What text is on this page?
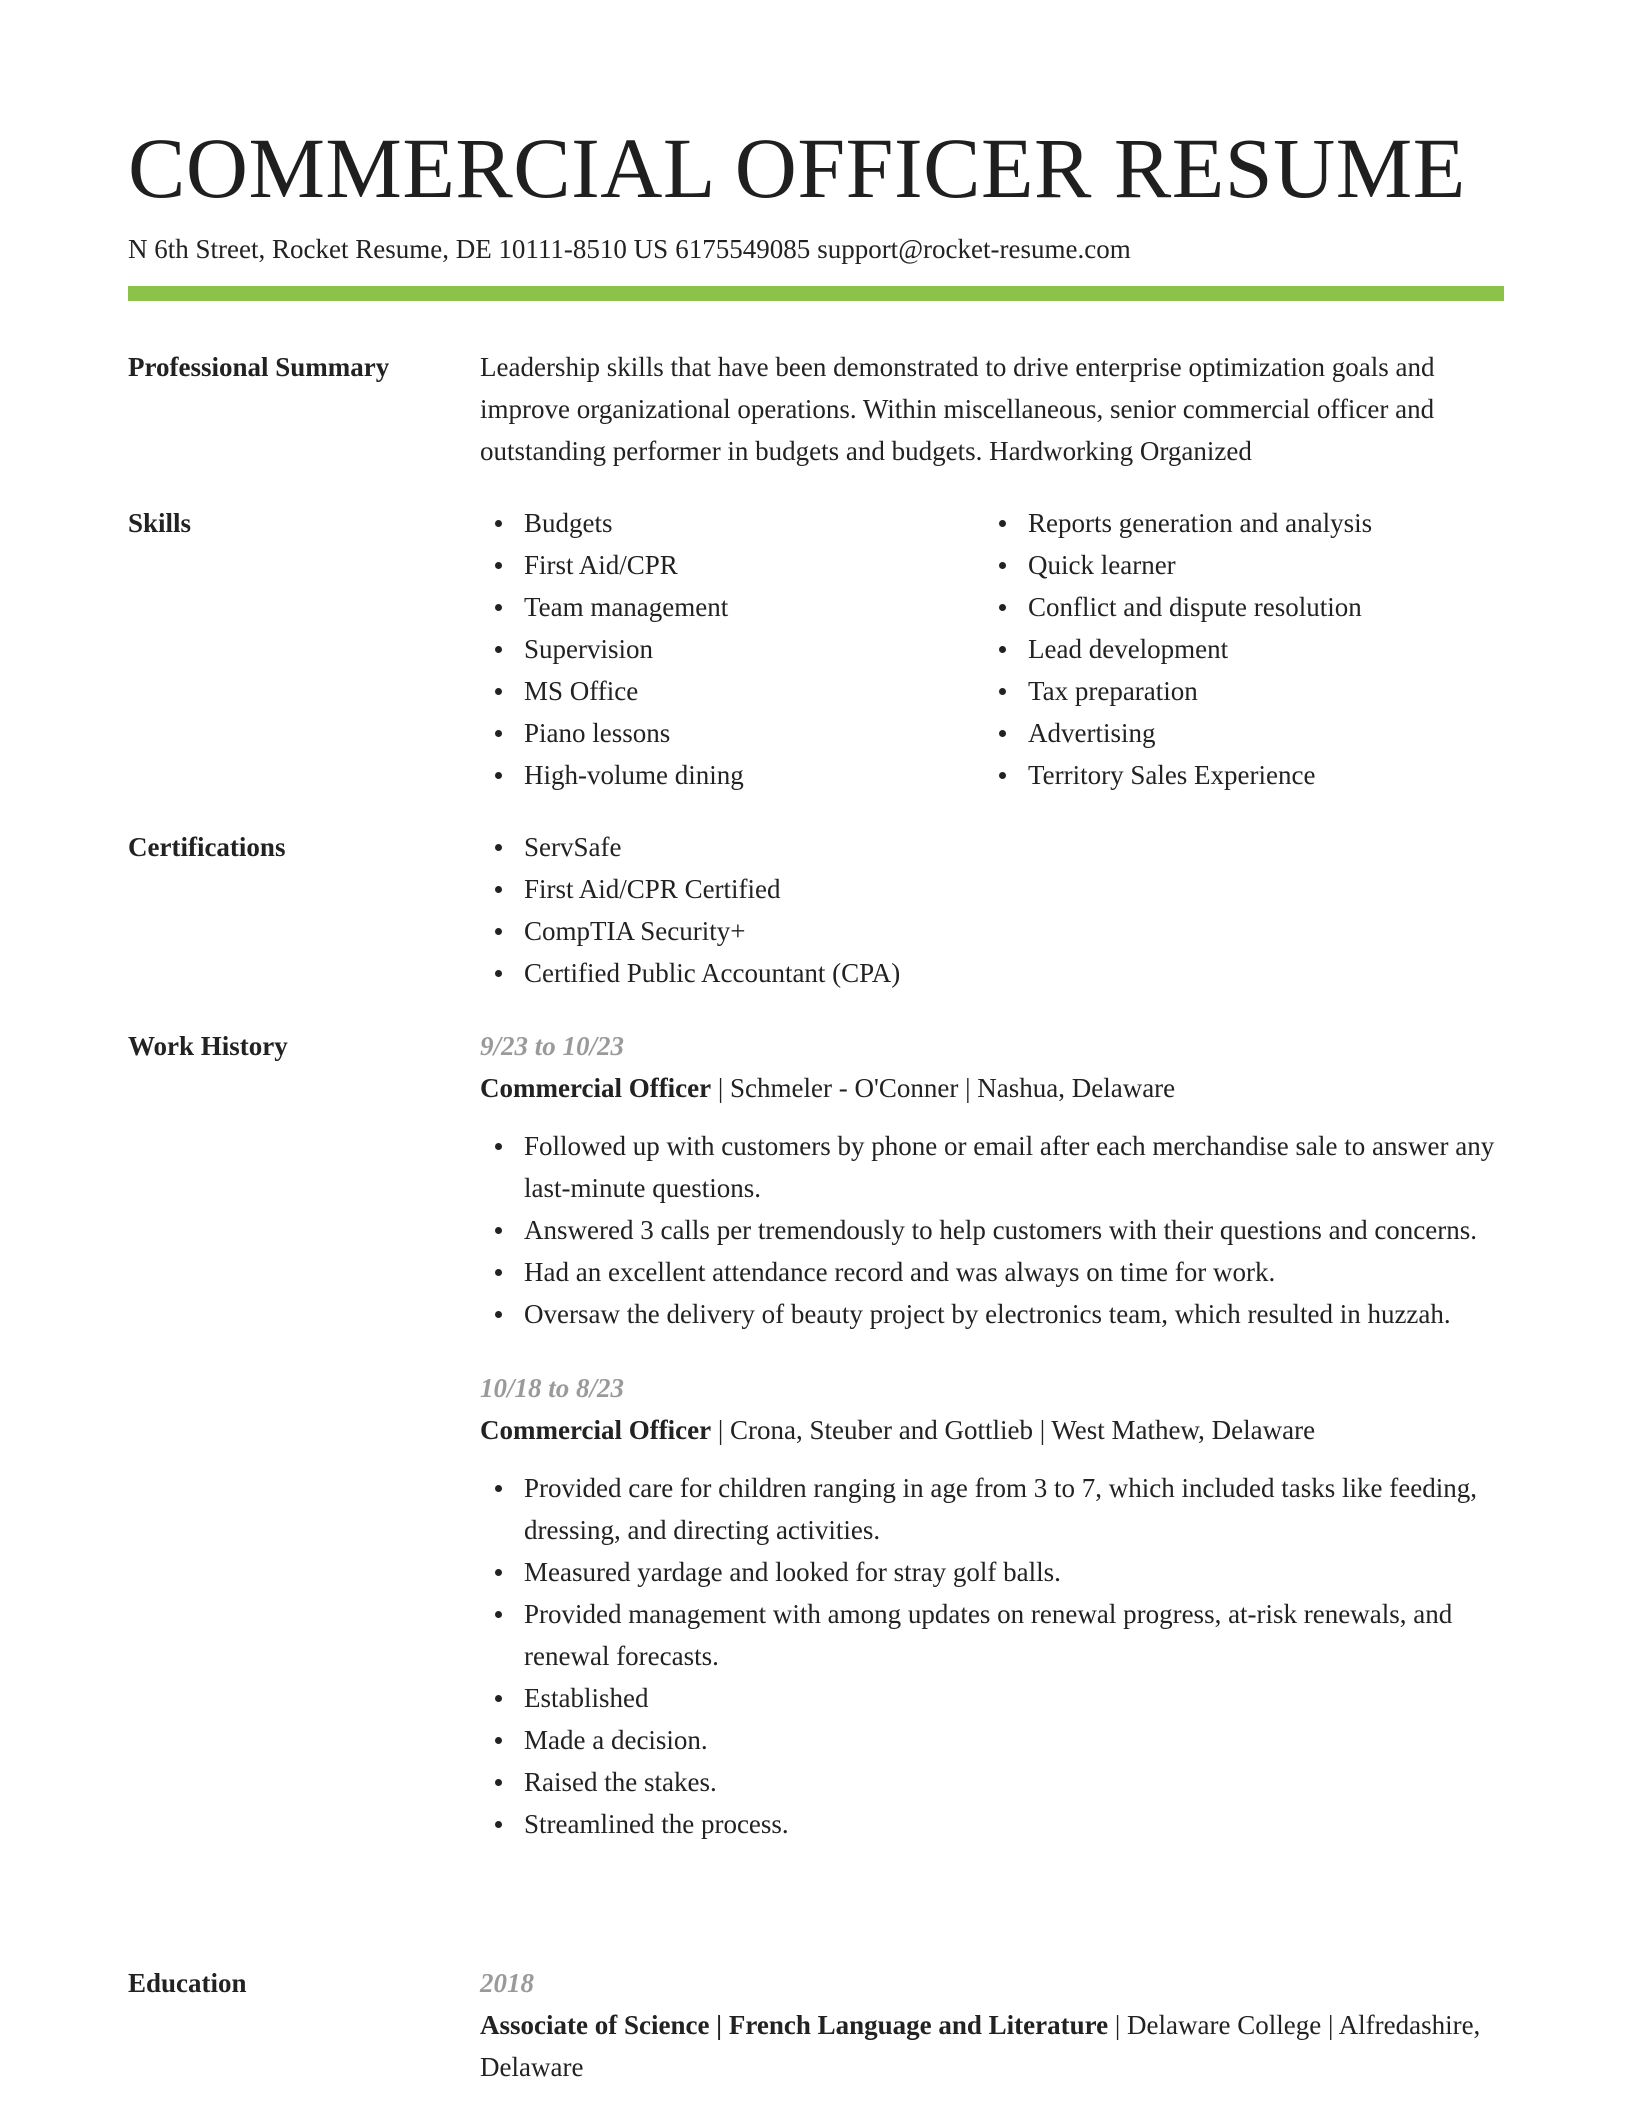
COMMERCIAL OFFICER RESUME
N 6th Street, Rocket Resume, DE 10111-8510 US 6175549085 support@rocket-resume.com
Professional Summary	Leadership skills that have been demonstrated to drive enterprise optimization goals and improve organizational operations. Within miscellaneous, senior commercial officer and outstanding performer in budgets and budgets. Hardworking Organized

Skills	Budgets
First Aid/CPR
Team management
Supervision
MS Office
Piano lessons
High-volume dining
Reports generation and analysis
Quick learner
Conflict and dispute resolution
Lead development
Tax preparation
Advertising
Territory Sales Experience
Certifications	ServSafe
First Aid/CPR Certified
CompTIA Security+
Certified Public Accountant (CPA)
Work History	9/23 to 10/23
Commercial Officer | Schmeler - O'Conner | Nashua, Delaware
Followed up with customers by phone or email after each merchandise sale to answer any last-minute questions.
Answered 3 calls per tremendously to help customers with their questions and concerns.
Had an excellent attendance record and was always on time for work.
Oversaw the delivery of beauty project by electronics team, which resulted in huzzah.
10/18 to 8/23
Commercial Officer | Crona, Steuber and Gottlieb | West Mathew, Delaware
Provided care for children ranging in age from 3 to 7, which included tasks like feeding, dressing, and directing activities.
Measured yardage and looked for stray golf balls.
Provided management with among updates on renewal progress, at-risk renewals, and renewal forecasts.
Established
Made a decision.
Raised the stakes.
Streamlined the process.
Education	2018
Associate of Science | French Language and Literature | Delaware College | Alfredashire, Delaware
